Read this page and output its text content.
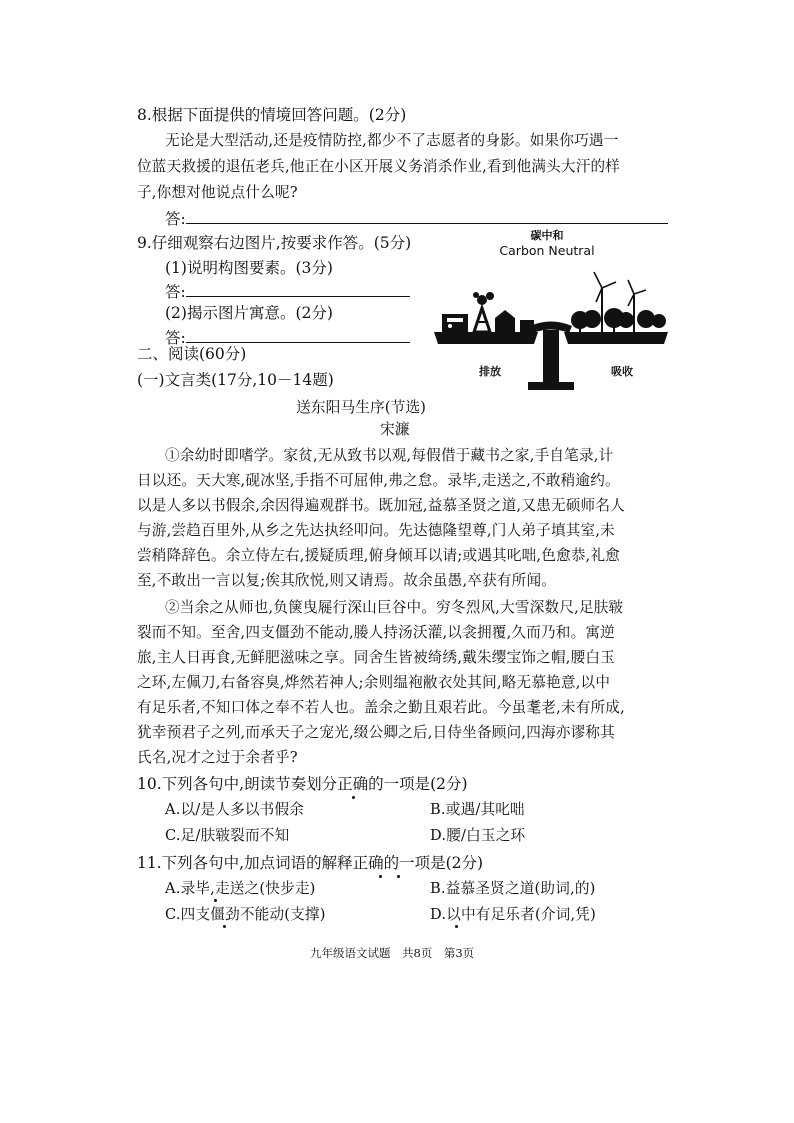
8.根据下面提供的情境回答问题。(2分)
无论是大型活动,还是疫情防控,都少不了志愿者的身影。如果你巧遇一
位蓝天救援的退伍老兵,他正在小区开展义务消杀作业,看到他满头大汗的样
子,你想对他说点什么呢?
答:
9.仔细观察右边图片,按要求作答。(5分)
(1)说明构图要素。(3分)
答:
(2)揭示图片寓意。(2分)
答:
碳中和
Carbon Neutral
排放	吸收
二、阅读(60分)
(一)文言类(17分,10－14题)
送东阳马生序(节选)
宋濂
①余幼时即嗜学。家贫,无从致书以观,每假借于藏书之家,手自笔录,计
日以还。天大寒,砚冰坚,手指不可屈伸,弗之怠。录毕,走送之,不敢稍逾约。
以是人多以书假余,余因得遍观群书。既加冠,益慕圣贤之道,又患无硕师名人
与游,尝趋百里外,从乡之先达执经叩问。先达德隆望尊,门人弟子填其室,未
尝稍降辞色。余立侍左右,援疑质理,俯身倾耳以请;或遇其叱咄,色愈恭,礼愈
至,不敢出一言以复;俟其欣悦,则又请焉。故余虽愚,卒获有所闻。
②当余之从师也,负箧曳屣行深山巨谷中。穷冬烈风,大雪深数尺,足肤皲
裂而不知。至舍,四支僵劲不能动,媵人持汤沃灌,以衾拥覆,久而乃和。寓逆
旅,主人日再食,无鲜肥滋味之享。同舍生皆被绮绣,戴朱缨宝饰之帽,腰白玉
之环,左佩刀,右备容臭,烨然若神人;余则缊袍敝衣处其间,略无慕艳意,以中
有足乐者,不知口体之奉不若人也。盖余之勤且艰若此。今虽耄老,未有所成,
犹幸预君子之列,而承天子之宠光,缀公卿之后,日侍坐备顾问,四海亦谬称其
氏名,况才之过于余者乎?
10.下列各句中,朗读节奏划分正确的一项是(2分)
A.以/是人多以书假余	B.或遇/其叱咄
C.足/肤皲裂而不知	D.腰/白玉之环
11.下列各句中,加点词语的解释正确的一项是(2分)
A.录毕,走送之(快步走)	B.益慕圣贤之道(助词,的)
C.四支僵劲不能动(支撑)	D.以中有足乐者(介词,凭)
九年级语文试题　共8页　第3页
